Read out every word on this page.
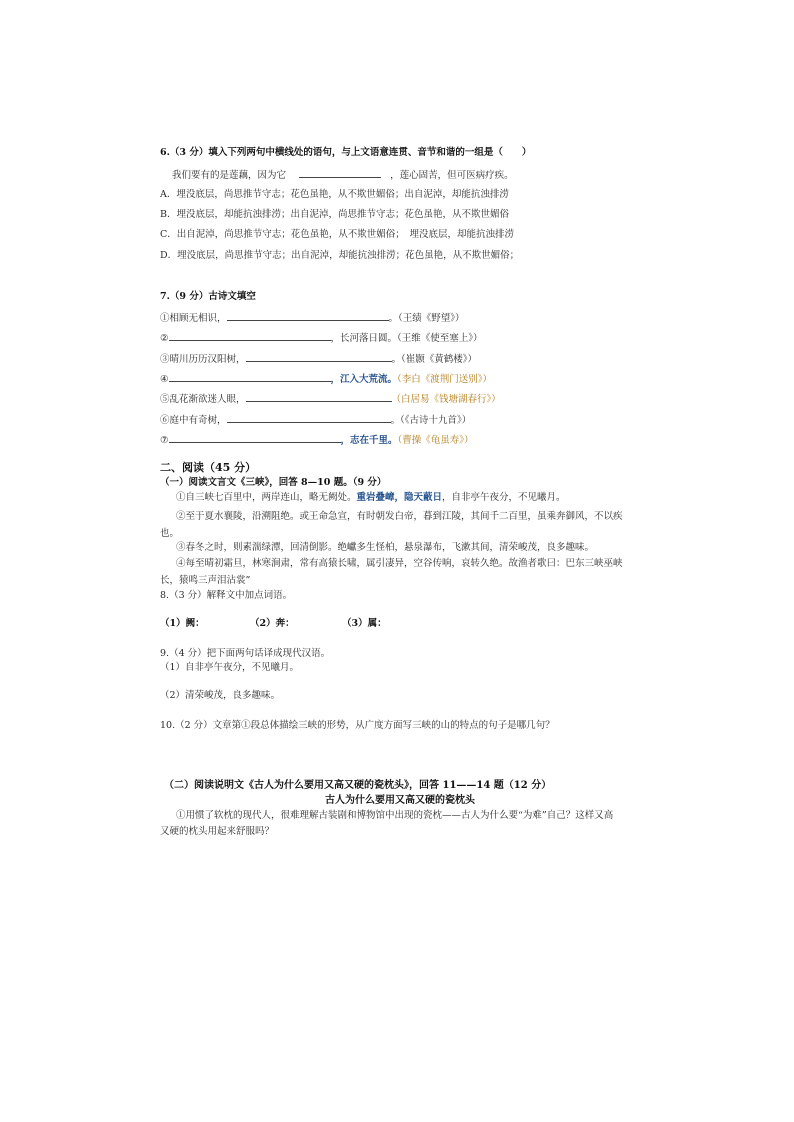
6.（3 分）填入下列两句中横线处的语句，与上文语意连贯、音节和谐的一组是（　　）
我们要有的是莲藕，因为它	，莲心固苦，但可医病疗疾。
A．埋没底层，尚思推节守志；花色虽艳，从不欺世媚俗；出自泥淖，却能抗浊排涝
B．埋没底层，却能抗浊排涝；出自泥淖，尚思推节守志；花色虽艳，从不欺世媚俗
C．出自泥淖，尚思推节守志；花色虽艳，从不欺世媚俗；　埋没底层，却能抗浊排涝
D．埋没底层，尚思推节守志；出自泥淖，却能抗浊排涝；花色虽艳，从不欺世媚俗；
7.（9 分）古诗文填空
①相顾无相识，	。（王绩《野望》）
②	，长河落日圆。（王维《使至塞上》）
③晴川历历汉阳树，	。（崔颢《黄鹤楼》）
④	，江入大荒流。（李白《渡荆门送别》）
⑤乱花渐欲迷人眼，	（白居易《钱塘湖春行》）
⑥庭中有奇树，	。（《古诗十九首》）
⑦	，志在千里。（曹操《龟虽寿》）
二、阅读（45 分）
（一）阅读文言文《三峡》，回答 8—10 题。（9 分）
①自三峡七百里中，两岸连山，略无阙处。重岩叠嶂，隐天蔽日，自非亭午夜分，不见曦月。
②至于夏水襄陵，沿溯阻绝。或王命急宣，有时朝发白帝，暮到江陵，其间千二百里，虽乘奔御风，不以疾
也。
③春冬之时，则素湍绿潭，回清倒影。绝巘多生怪柏，悬泉瀑布，飞漱其间，清荣峻茂，良多趣味。
④每至晴初霜旦，林寒涧肃，常有高猿长啸，属引凄异，空谷传响，哀转久绝。故渔者歌曰：巴东三峡巫峡
长，猿鸣三声泪沾裳”
8.（3 分）解释文中加点词语。
（1）阙：	（2）奔：	（3）属：
9.（4 分）把下面两句话译成现代汉语。
（1）自非亭午夜分，不见曦月。
（2）清荣峻茂，良多趣味。
10.（2 分）文章第①段总体描绘三峡的形势，从广度方面写三峡的山的特点的句子是哪几句？
（二）阅读说明文《古人为什么要用又高又硬的瓷枕头》，回答 11——14 题（12 分）
古人为什么要用又高又硬的瓷枕头
①用惯了软枕的现代人，很难理解古装剧和博物馆中出现的瓷枕——古人为什么要“为难”自己？这样又高
又硬的枕头用起来舒服吗？
